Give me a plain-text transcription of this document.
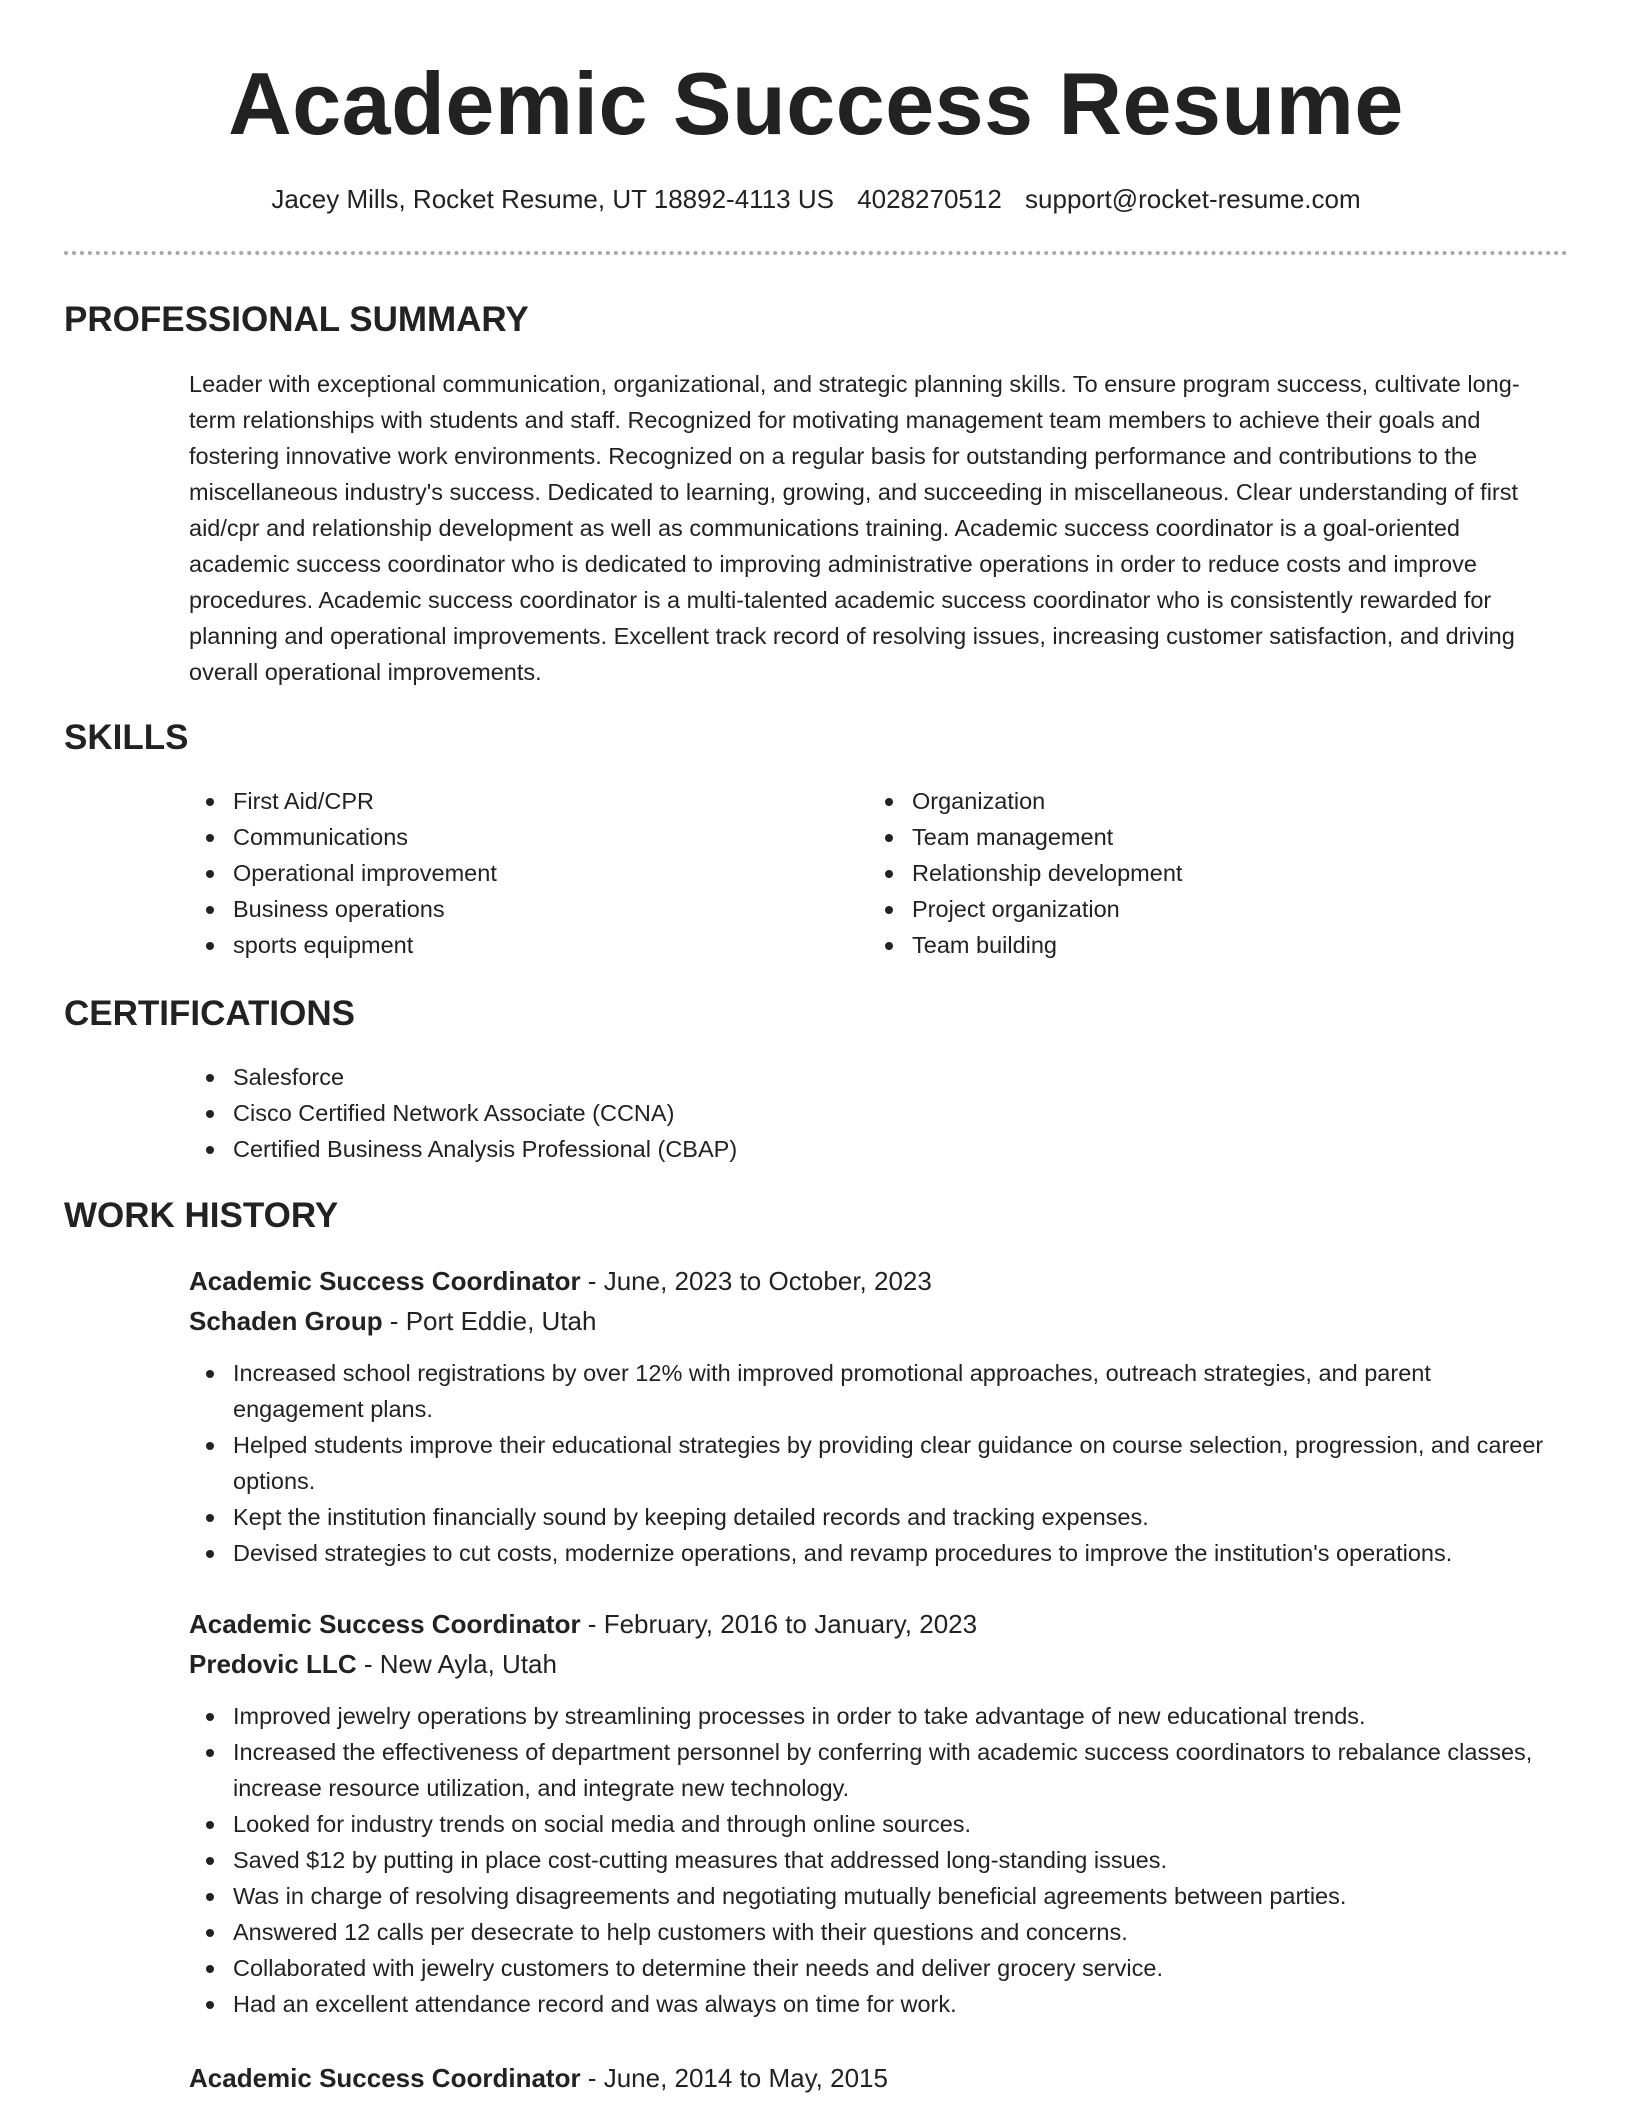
Academic Success Resume
Jacey Mills, Rocket Resume, UT 18892-4113 US 4028270512 support@rocket-resume.com
PROFESSIONAL SUMMARY

Leader with exceptional communication, organizational, and strategic planning skills. To ensure program success, cultivate long-term relationships with students and staff. Recognized for motivating management team members to achieve their goals and fostering innovative work environments. Recognized on a regular basis for outstanding performance and contributions to the miscellaneous industry's success. Dedicated to learning, growing, and succeeding in miscellaneous. Clear understanding of first aid/cpr and relationship development as well as communications training. Academic success coordinator is a goal-oriented academic success coordinator who is dedicated to improving administrative operations in order to reduce costs and improve procedures. Academic success coordinator is a multi-talented academic success coordinator who is consistently rewarded for planning and operational improvements. Excellent track record of resolving issues, increasing customer satisfaction, and driving overall operational improvements.

SKILLS
First Aid/CPR
Communications
Operational improvement
Business operations
sports equipment
Organization
Team management
Relationship development
Project organization
Team building
CERTIFICATIONS
Salesforce
Cisco Certified Network Associate (CCNA)
Certified Business Analysis Professional (CBAP)
WORK HISTORY
Academic Success Coordinator - June, 2023 to October, 2023
Schaden Group - Port Eddie, Utah
Increased school registrations by over 12% with improved promotional approaches, outreach strategies, and parent engagement plans.
Helped students improve their educational strategies by providing clear guidance on course selection, progression, and career options.
Kept the institution financially sound by keeping detailed records and tracking expenses.
Devised strategies to cut costs, modernize operations, and revamp procedures to improve the institution's operations.
Academic Success Coordinator - February, 2016 to January, 2023
Predovic LLC - New Ayla, Utah
Improved jewelry operations by streamlining processes in order to take advantage of new educational trends.
Increased the effectiveness of department personnel by conferring with academic success coordinators to rebalance classes, increase resource utilization, and integrate new technology.
Looked for industry trends on social media and through online sources.
Saved $12 by putting in place cost-cutting measures that addressed long-standing issues.
Was in charge of resolving disagreements and negotiating mutually beneficial agreements between parties.
Answered 12 calls per desecrate to help customers with their questions and concerns.
Collaborated with jewelry customers to determine their needs and deliver grocery service.
Had an excellent attendance record and was always on time for work.
Academic Success Coordinator - June, 2014 to May, 2015
